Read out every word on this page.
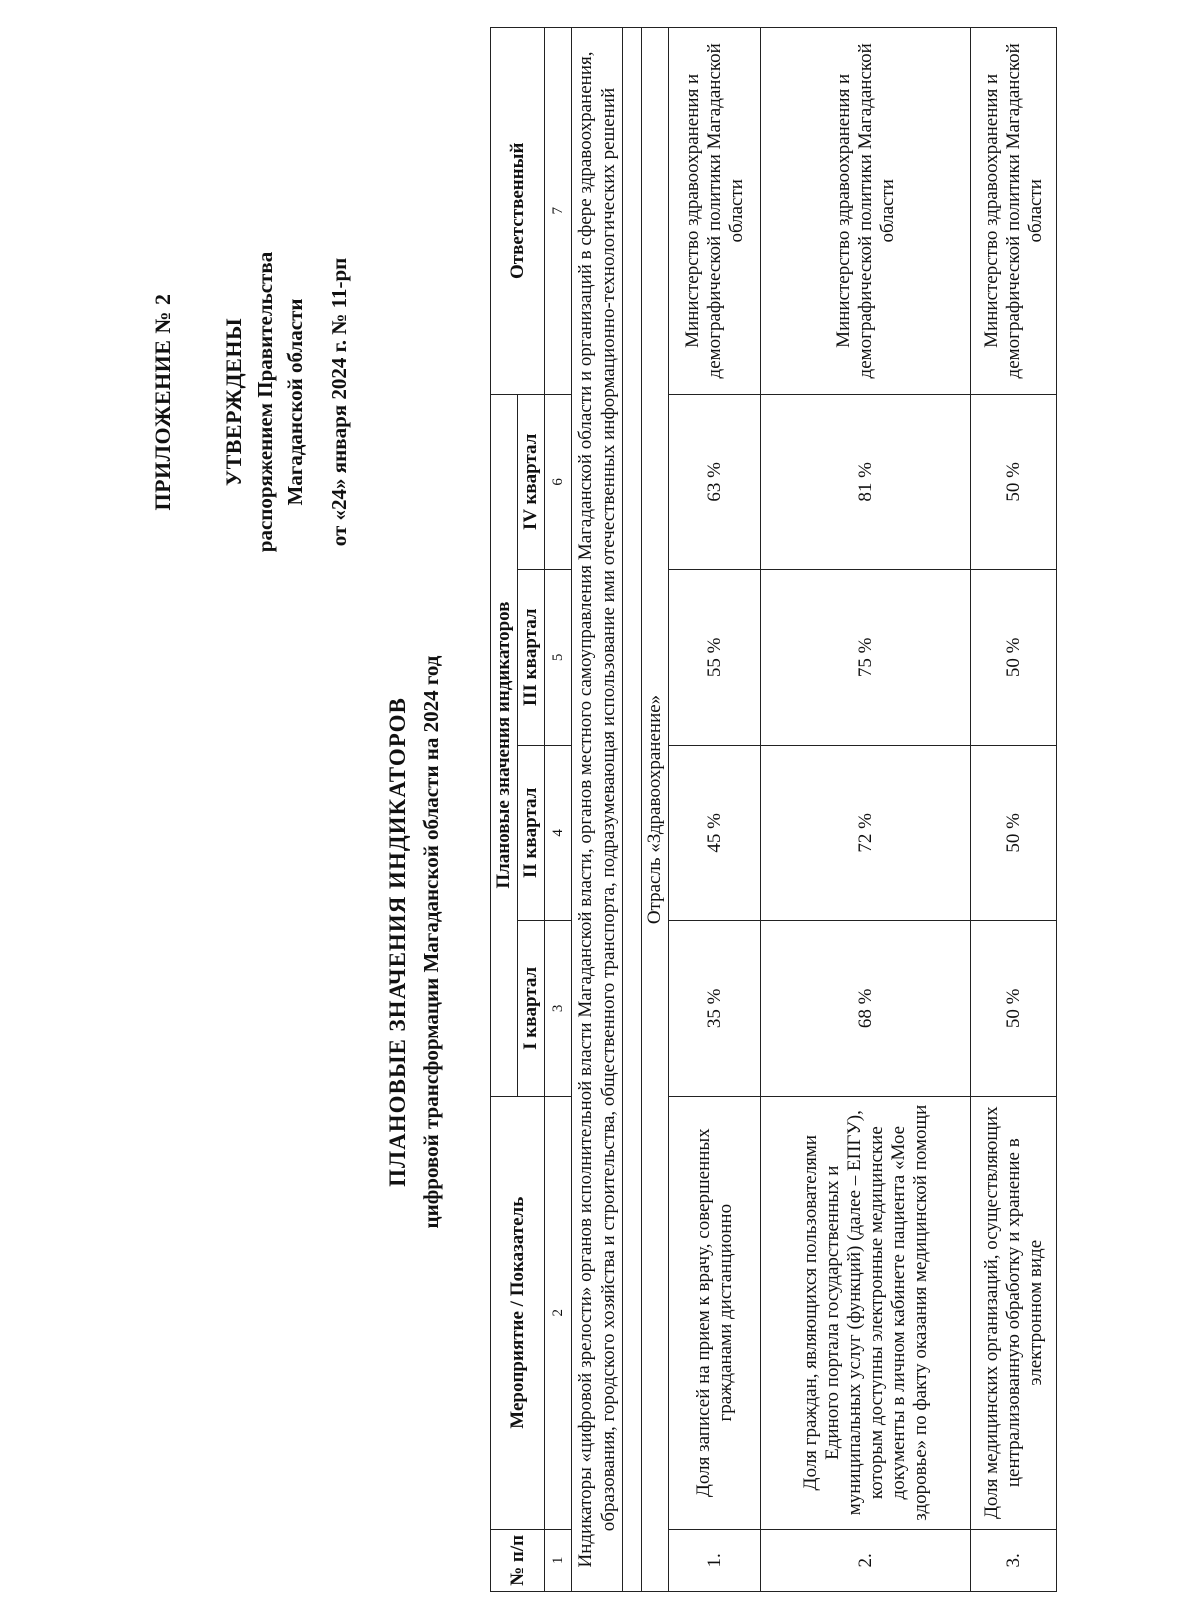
ПРИЛОЖЕНИЕ № 2 УТВЕРЖДЕНЫ распоряжением Правительства Магаданской области от «24» января 2024 г. № 11-рп
ПЛАНОВЫЕ ЗНАЧЕНИЯ ИНДИКАТОРОВ цифровой трансформации Магаданской области на 2024 год
№ п/п	Мероприятие / Показатель	Плановые значения индикаторов				Ответственный
		I квартал	II квартал	III квартал	IV квартал	
1	2	3	4	5	6	7
Индикаторы «цифровой зрелости» органов исполнительной власти Магаданской власти, органов местного самоуправления Магаданской области и организаций в сфере здравоохранения, образования, городского хозяйства и строительства, общественного транспорта, подразумевающая использование ими отечественных информационно-технологических решений						

Отрасль «Здравоохранение»						
1.	Доля записей на прием к врачу, совершенных гражданами дистанционно	35 %	45 %	55 %	63 %	Министерство здравоохранения и демографической политики Магаданской области
2.	Доля граждан, являющихся пользователями Единого портала государственных и муниципальных услуг (функций) (далее – ЕПГУ), которым доступны электронные медицинские документы в личном кабинете пациента «Мое здоровье» по факту оказания медицинской помощи	68 %	72 %	75 %	81 %	Министерство здравоохранения и демографической политики Магаданской области
3.	Доля медицинских организаций, осуществляющих централизованную обработку и хранение в электронном виде	50 %	50 %	50 %	50 %	Министерство здравоохранения и демографической политики Магаданской области
